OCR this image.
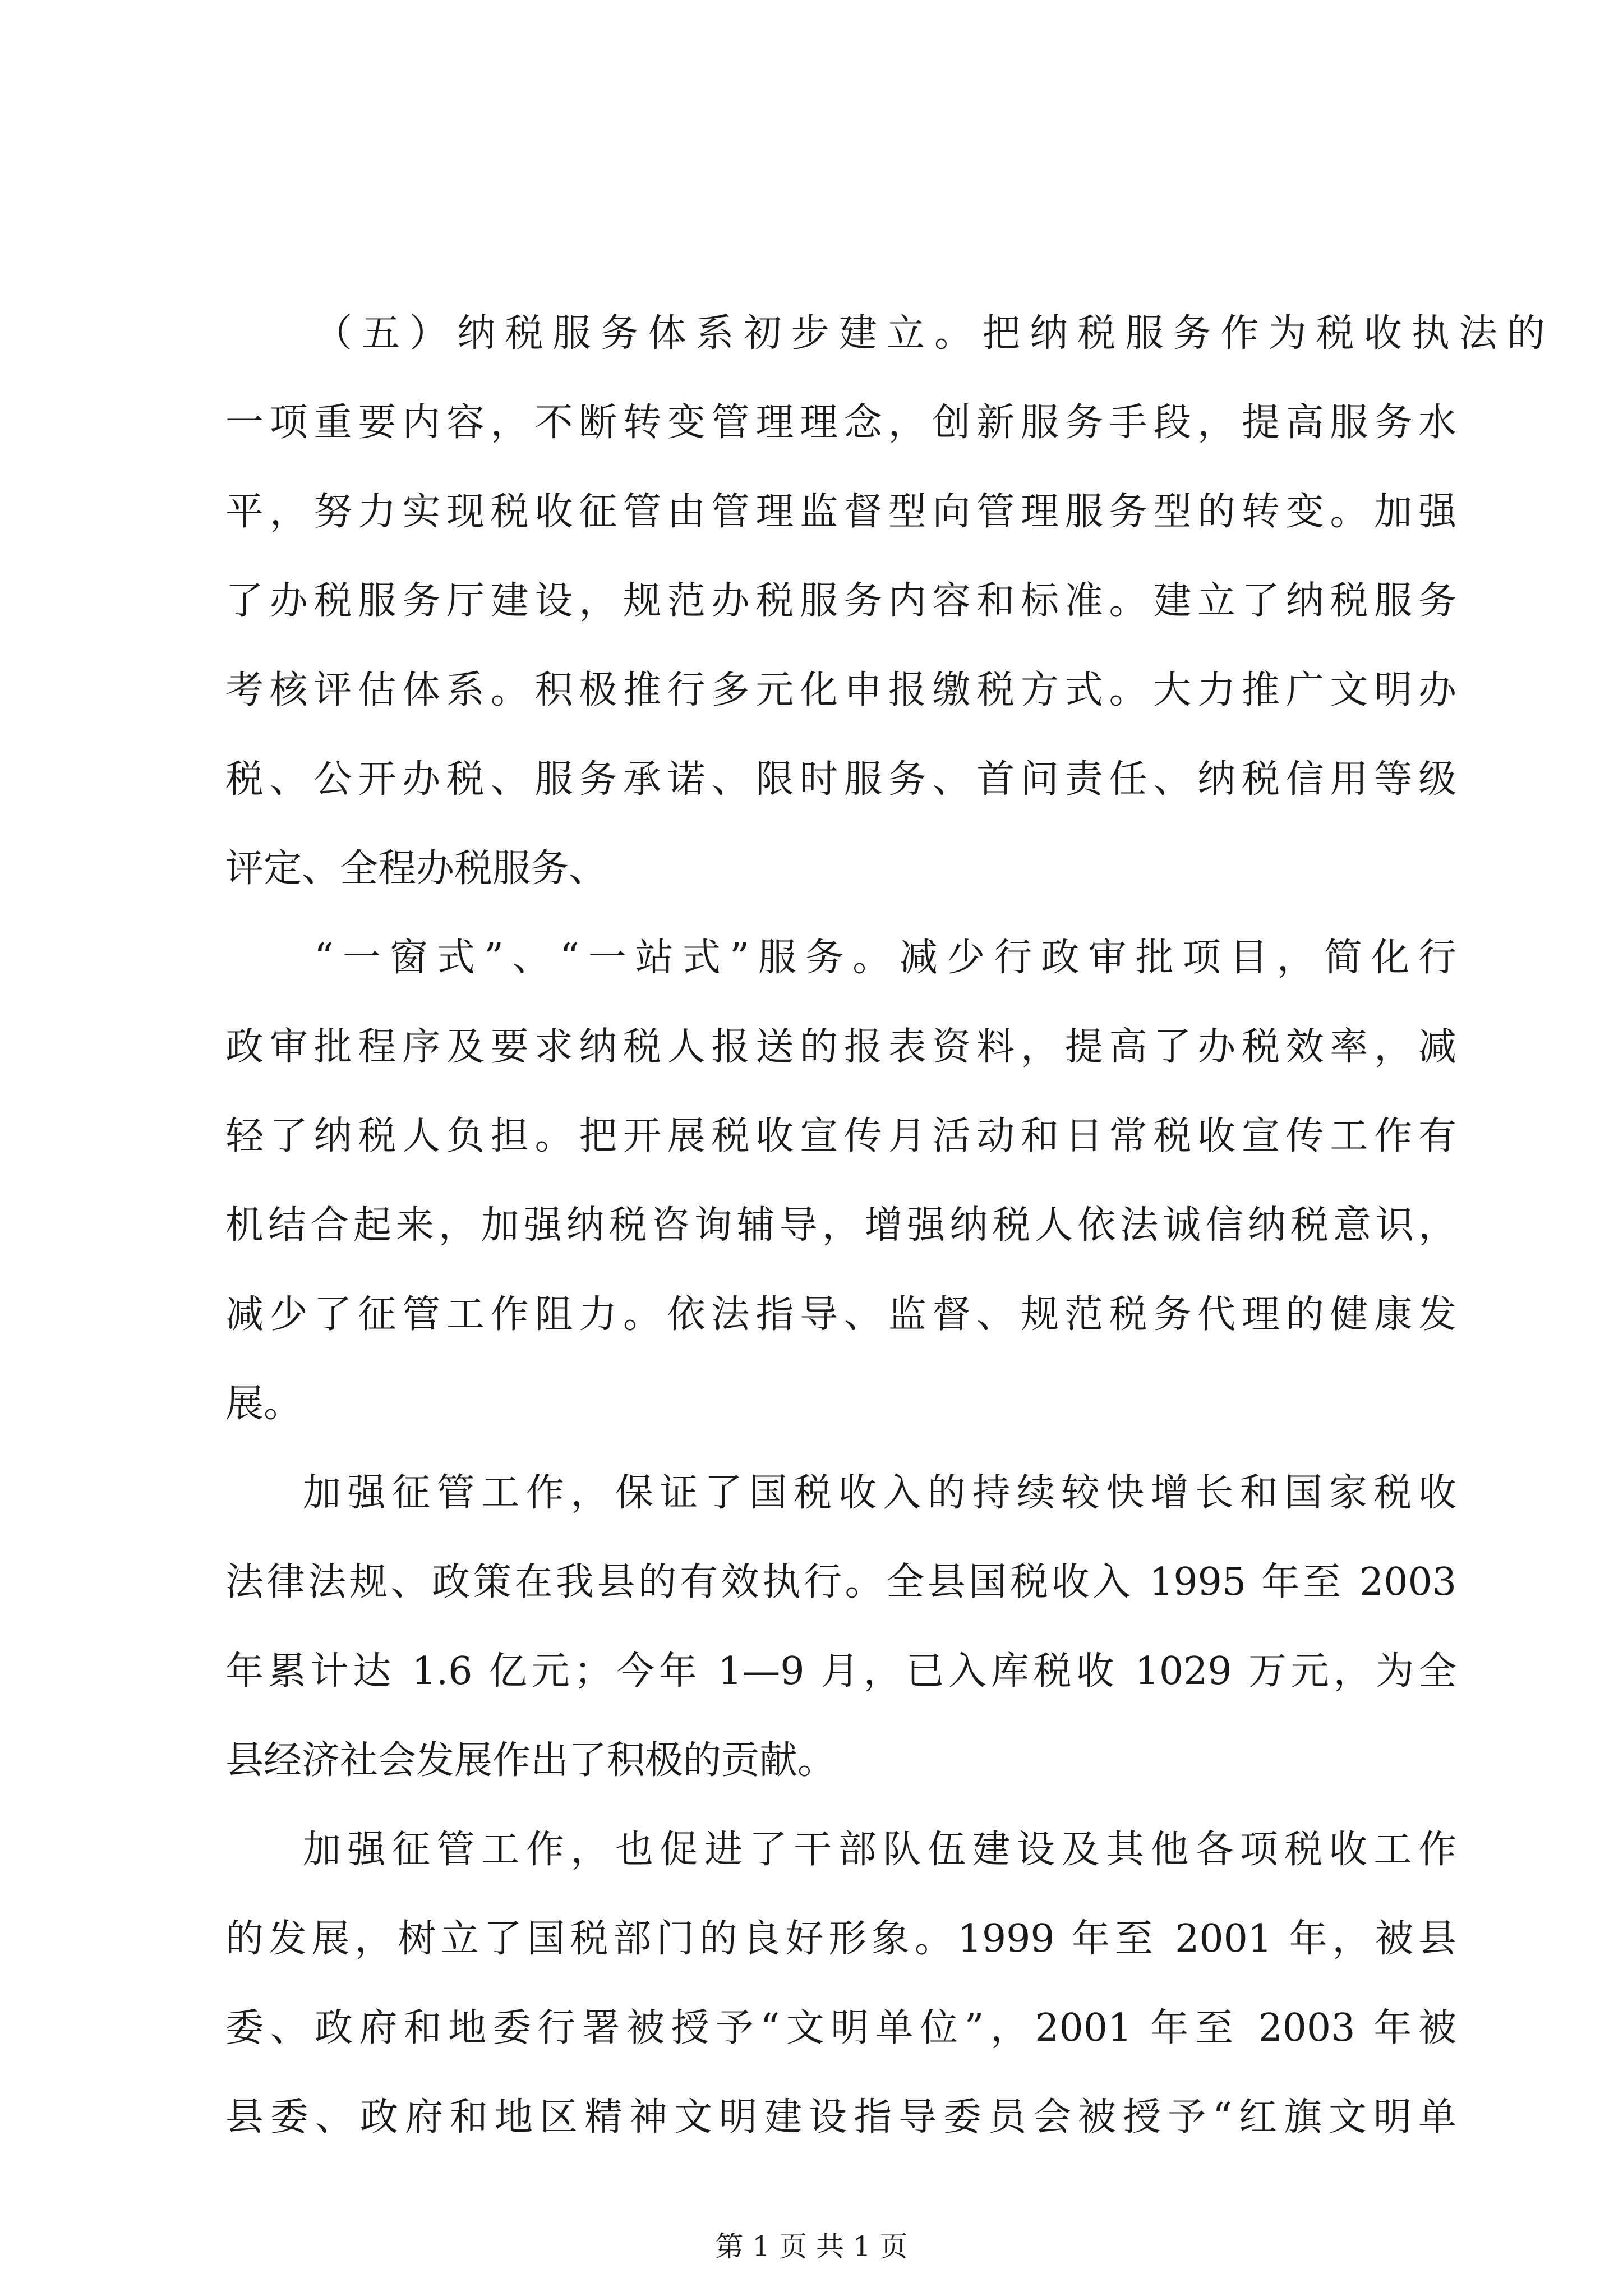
（五）纳税服务体系初步建立。把纳税服务作为税收执法的

一项重要内容，不断转变管理理念，创新服务手段，提高服务水

平，努力实现税收征管由管理监督型向管理服务型的转变。加强

了办税服务厅建设，规范办税服务内容和标准。建立了纳税服务

考核评估体系。积极推行多元化申报缴税方式。大力推广文明办

税、公开办税、服务承诺、限时服务、首问责任、纳税信用等级

评定、全程办税服务、

“一窗式”、“一站式”服务。减少行政审批项目，简化行

政审批程序及要求纳税人报送的报表资料，提高了办税效率，减

轻了纳税人负担。把开展税收宣传月活动和日常税收宣传工作有

机结合起来，加强纳税咨询辅导，增强纳税人依法诚信纳税意识，

减少了征管工作阻力。依法指导、监督、规范税务代理的健康发

展。

加强征管工作，保证了国税收入的持续较快增长和国家税收

法律法规、政策在我县的有效执行。全县国税收入 1995 年至 2003

年累计达 1.6 亿元；今年 1—9 月，已入库税收 1029 万元，为全

县经济社会发展作出了积极的贡献。

加强征管工作，也促进了干部队伍建设及其他各项税收工作

的发展，树立了国税部门的良好形象。1999 年至 2001 年，被县

委、政府和地委行署被授予“文明单位”，2001 年至 2003 年被

县委、政府和地区精神文明建设指导委员会被授予“红旗文明单

第 1 页 共 1 页
